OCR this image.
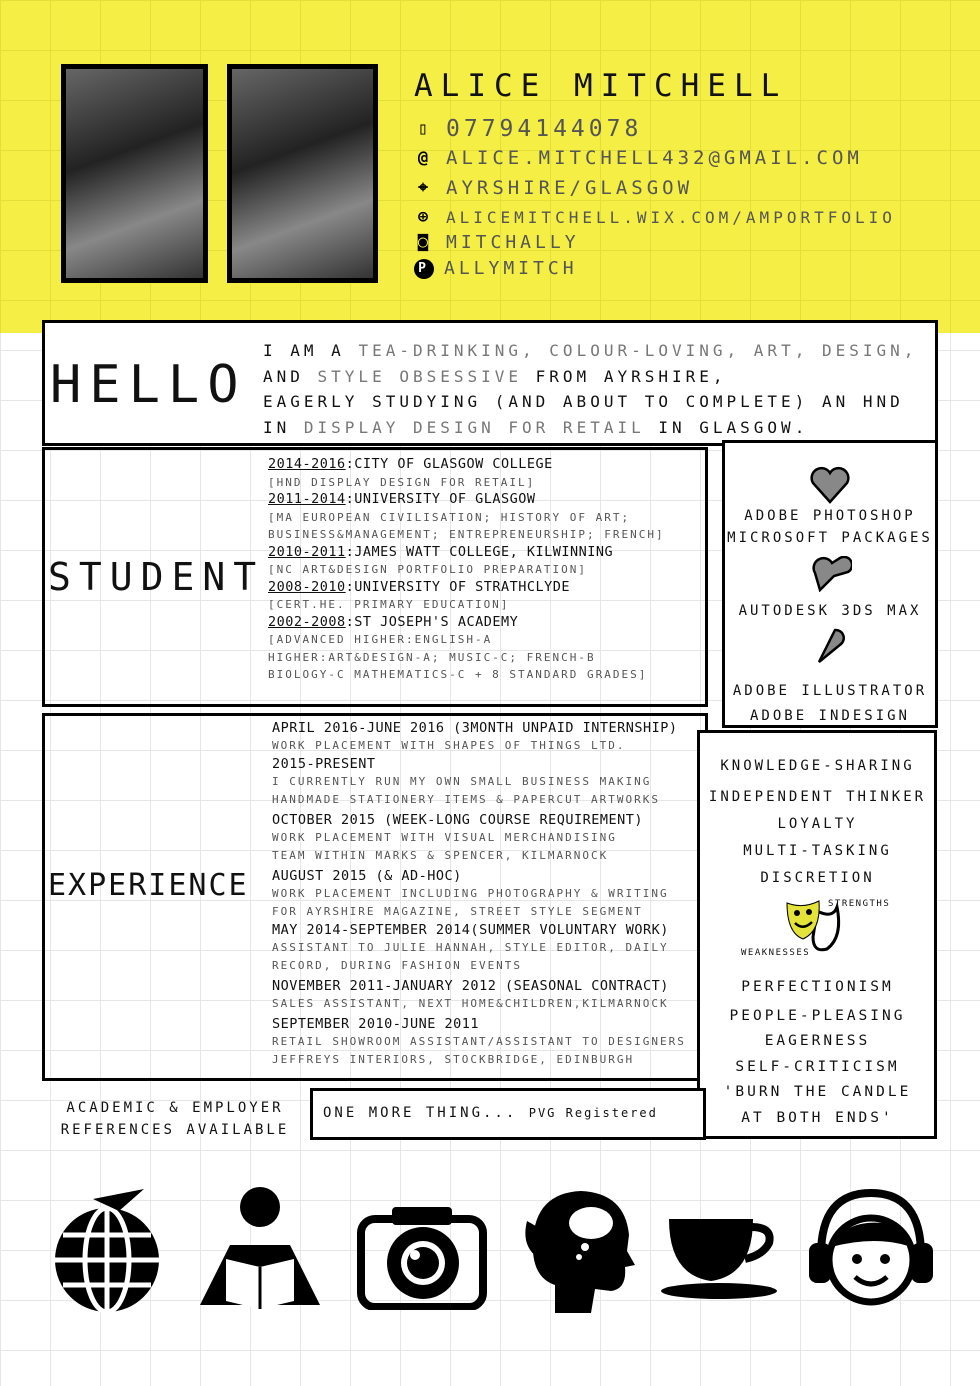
ALICE MITCHELL
▯ 07794144078
@ ALICE.MITCHELL432@GMAIL.COM
⌖ AYRSHIRE/GLASGOW
⊕ ALICEMITCHELL.WIX.COM/AMPORTFOLIO
◙ MITCHALLY
P ALLYMITCH
HELLO
I AM A TEA-DRINKING, COLOUR-LOVING, ART, DESIGN,
AND STYLE OBSESSIVE FROM AYRSHIRE,
EAGERLY STUDYING (AND ABOUT TO COMPLETE) AN HND
IN DISPLAY DESIGN FOR RETAIL IN GLASGOW.
STUDENT
2014-2016:CITY OF GLASGOW COLLEGE
[HND DISPLAY DESIGN FOR RETAIL]
2011-2014:UNIVERSITY OF GLASGOW
[MA EUROPEAN CIVILISATION; HISTORY OF ART;
BUSINESS&MANAGEMENT; ENTREPRENEURSHIP; FRENCH]
2010-2011:JAMES WATT COLLEGE, KILWINNING
[NC ART&DESIGN PORTFOLIO PREPARATION]
2008-2010:UNIVERSITY OF STRATHCLYDE
[CERT.HE. PRIMARY EDUCATION]
2002-2008:ST JOSEPH'S ACADEMY
[ADVANCED HIGHER:ENGLISH-A
HIGHER:ART&DESIGN-A; MUSIC-C; FRENCH-B
BIOLOGY-C MATHEMATICS-C + 8 STANDARD GRADES]
ADOBE PHOTOSHOP
MICROSOFT PACKAGES
AUTODESK 3DS MAX
ADOBE ILLUSTRATOR
ADOBE INDESIGN
EXPERIENCE
APRIL 2016-JUNE 2016 (3MONTH UNPAID INTERNSHIP)
WORK PLACEMENT WITH SHAPES OF THINGS LTD.
2015-PRESENT
I CURRENTLY RUN MY OWN SMALL BUSINESS MAKING
HANDMADE STATIONERY ITEMS & PAPERCUT ARTWORKS
OCTOBER 2015 (WEEK-LONG COURSE REQUIREMENT)
WORK PLACEMENT WITH VISUAL MERCHANDISING
TEAM WITHIN MARKS & SPENCER, KILMARNOCK
AUGUST 2015 (& AD-HOC)
WORK PLACEMENT INCLUDING PHOTOGRAPHY & WRITING
FOR AYRSHIRE MAGAZINE, STREET STYLE SEGMENT
MAY 2014-SEPTEMBER 2014(SUMMER VOLUNTARY WORK)
ASSISTANT TO JULIE HANNAH, STYLE EDITOR, DAILY
RECORD, DURING FASHION EVENTS
NOVEMBER 2011-JANUARY 2012 (SEASONAL CONTRACT)
SALES ASSISTANT, NEXT HOME&CHILDREN,KILMARNOCK
SEPTEMBER 2010-JUNE 2011
RETAIL SHOWROOM ASSISTANT/ASSISTANT TO DESIGNERS
JEFFREYS INTERIORS, STOCKBRIDGE, EDINBURGH
KNOWLEDGE-SHARING
INDEPENDENT THINKER
LOYALTY
MULTI-TASKING
DISCRETION
STRENGTHS
WEAKNESSES
PERFECTIONISM
PEOPLE-PLEASING
EAGERNESS
SELF-CRITICISM
'BURN THE CANDLE
AT BOTH ENDS'
ACADEMIC & EMPLOYER
REFERENCES AVAILABLE
ONE MORE THING... PVG Registered
